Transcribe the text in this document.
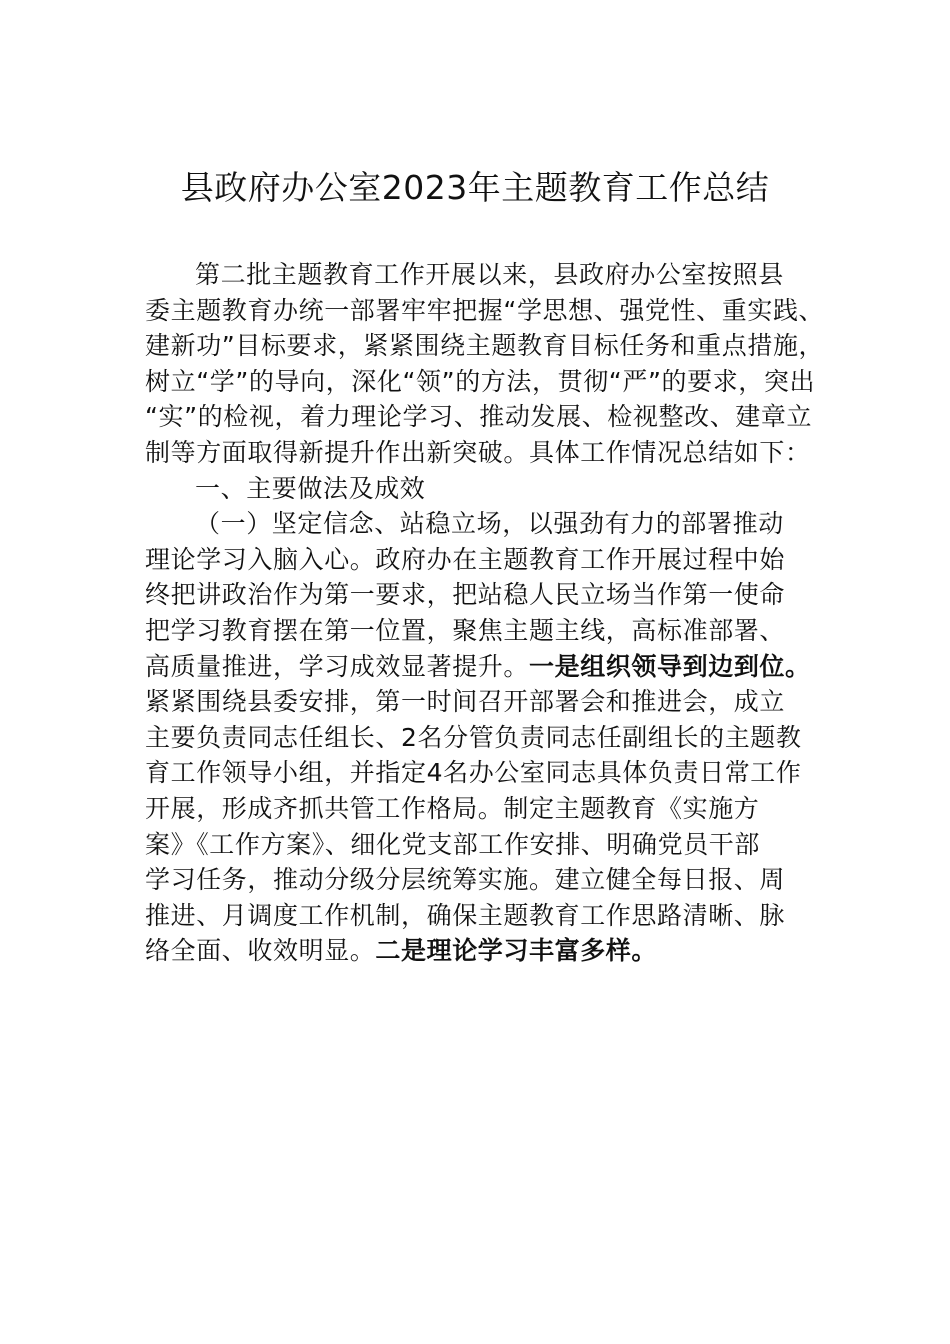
县政府办公室2023年主题教育工作总结
第二批主题教育工作开展以来，县政府办公室按照县
委主题教育办统一部署牢牢把握“学思想、强党性、重实践、
建新功”目标要求，紧紧围绕主题教育目标任务和重点措施，
树立“学”的导向，深化“领”的方法，贯彻“严”的要求，突出
“实”的检视，着力理论学习、推动发展、检视整改、建章立
制等方面取得新提升作出新突破。具体工作情况总结如下：
一、主要做法及成效
（一）坚定信念、站稳立场，以强劲有力的部署推动
理论学习入脑入心。政府办在主题教育工作开展过程中始
终把讲政治作为第一要求，把站稳人民立场当作第一使命
把学习教育摆在第一位置，聚焦主题主线，高标准部署、
高质量推进，学习成效显著提升。一是组织领导到边到位。
紧紧围绕县委安排，第一时间召开部署会和推进会，成立
主要负责同志任组长、2名分管负责同志任副组长的主题教
育工作领导小组，并指定4名办公室同志具体负责日常工作
开展，形成齐抓共管工作格局。制定主题教育《实施方
案》《工作方案》、细化党支部工作安排、明确党员干部
学习任务，推动分级分层统筹实施。建立健全每日报、周
推进、月调度工作机制，确保主题教育工作思路清晰、脉
络全面、收效明显。二是理论学习丰富多样。
